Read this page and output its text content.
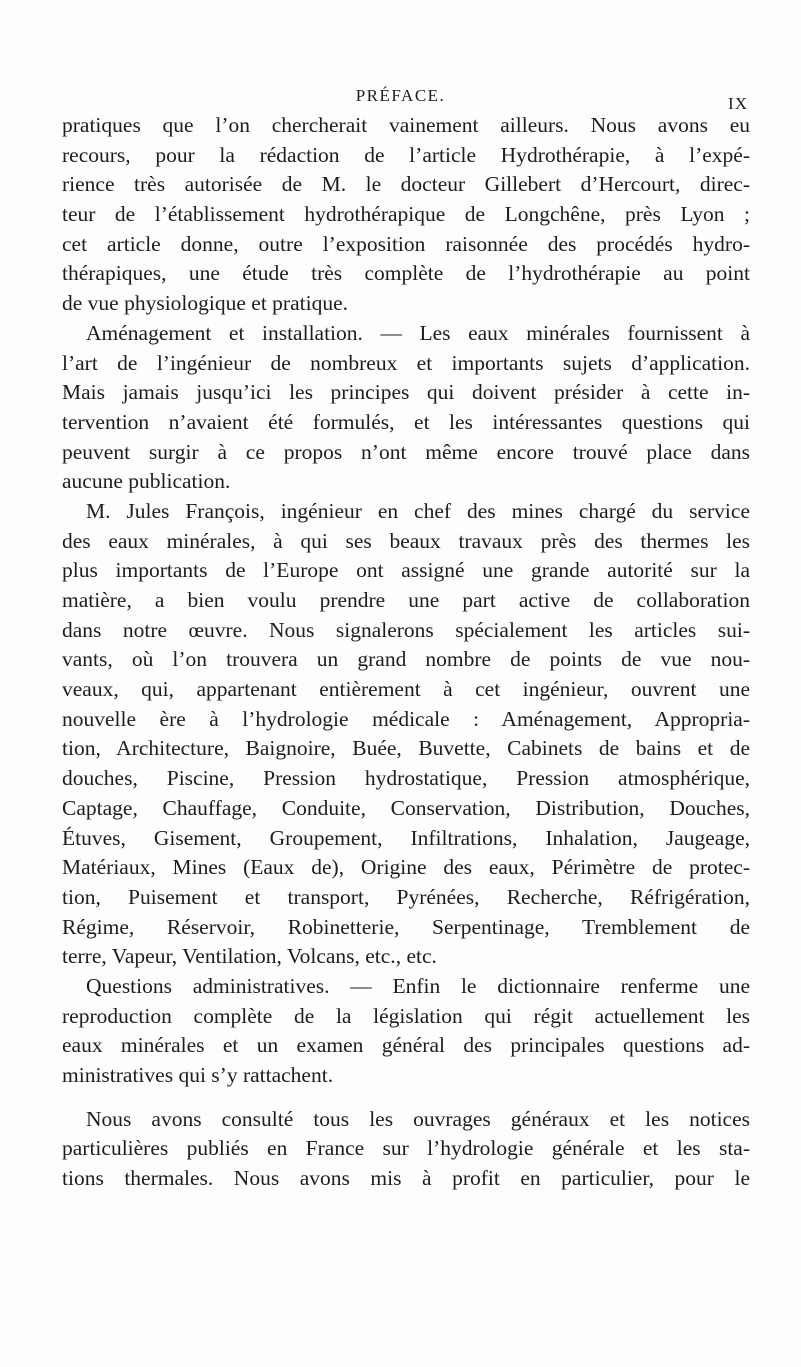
PRÉFACE.	IX
pratiques que l’on chercherait vainement ailleurs. Nous avons eu
recours, pour la rédaction de l’article Hydrothérapie, à l’expé-
rience très autorisée de M. le docteur Gillebert d’Hercourt, direc-
teur de l’établissement hydrothérapique de Longchêne, près Lyon ;
cet article donne, outre l’exposition raisonnée des procédés hydro-
thérapiques, une étude très complète de l’hydrothérapie au point
de vue physiologique et pratique.
Aménagement et installation. — Les eaux minérales fournissent à
l’art de l’ingénieur de nombreux et importants sujets d’application.
Mais jamais jusqu’ici les principes qui doivent présider à cette in-
tervention n’avaient été formulés, et les intéressantes questions qui
peuvent surgir à ce propos n’ont même encore trouvé place dans
aucune publication.
M. Jules François, ingénieur en chef des mines chargé du service
des eaux minérales, à qui ses beaux travaux près des thermes les
plus importants de l’Europe ont assigné une grande autorité sur la
matière, a bien voulu prendre une part active de collaboration
dans notre œuvre. Nous signalerons spécialement les articles sui-
vants, où l’on trouvera un grand nombre de points de vue nou-
veaux, qui, appartenant entièrement à cet ingénieur, ouvrent une
nouvelle ère à l’hydrologie médicale : Aménagement, Appropria-
tion, Architecture, Baignoire, Buée, Buvette, Cabinets de bains et de
douches, Piscine, Pression hydrostatique, Pression atmosphérique,
Captage, Chauffage, Conduite, Conservation, Distribution, Douches,
Étuves, Gisement, Groupement, Infiltrations, Inhalation, Jaugeage,
Matériaux, Mines (Eaux de), Origine des eaux, Périmètre de protec-
tion, Puisement et transport, Pyrénées, Recherche, Réfrigération,
Régime, Réservoir, Robinetterie, Serpentinage, Tremblement de
terre, Vapeur, Ventilation, Volcans, etc., etc.
Questions administratives. — Enfin le dictionnaire renferme une
reproduction complète de la législation qui régit actuellement les
eaux minérales et un examen général des principales questions ad-
ministratives qui s’y rattachent.
Nous avons consulté tous les ouvrages généraux et les notices
particulières publiés en France sur l’hydrologie générale et les sta-
tions thermales. Nous avons mis à profit en particulier, pour le
